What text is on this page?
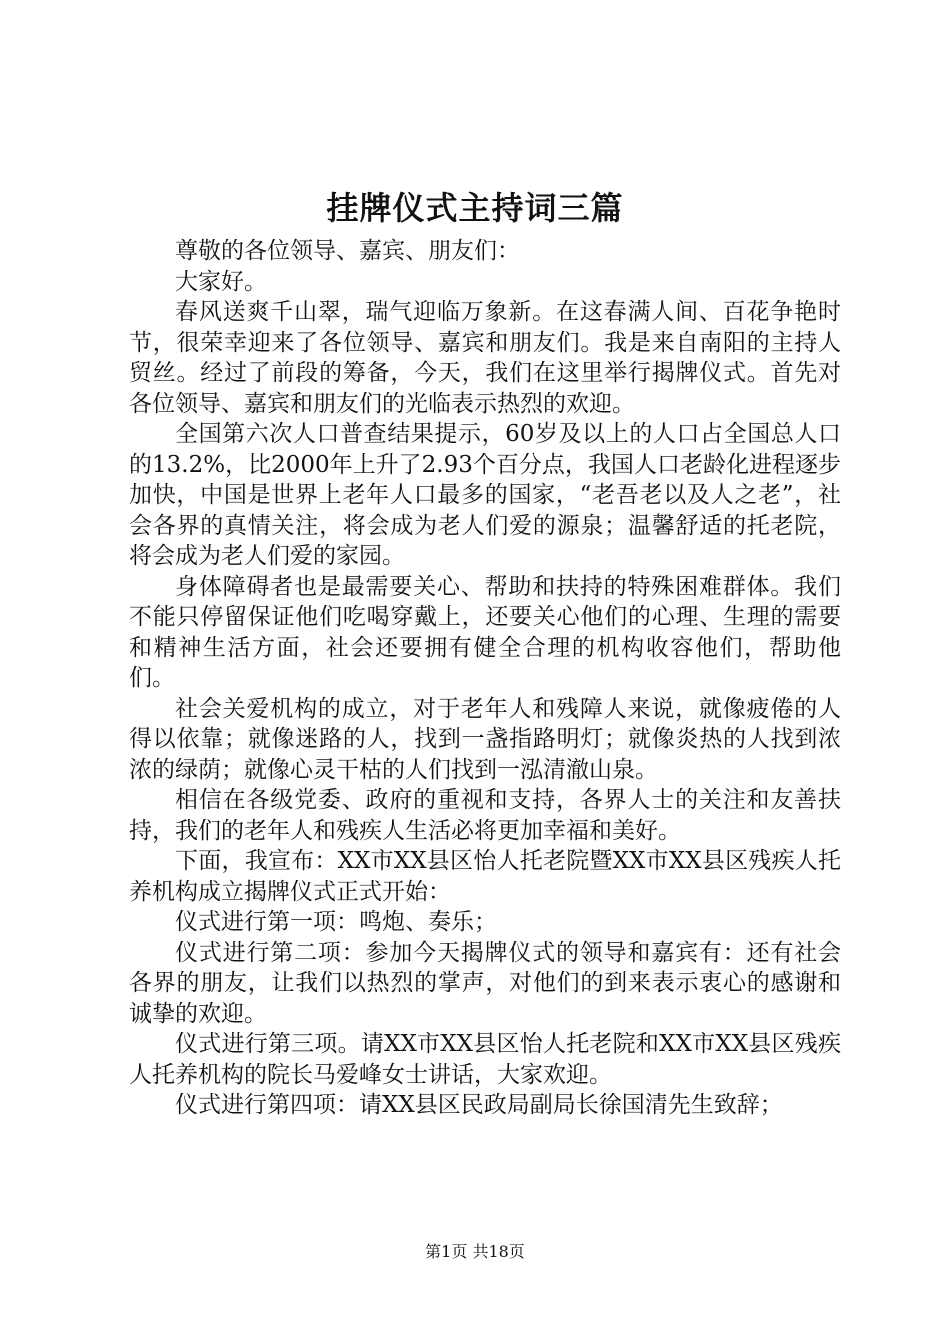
挂牌仪式主持词三篇

尊敬的各位领导、嘉宾、朋友们：

大家好。

春风送爽千山翠，瑞气迎临万象新。在这春满人间、百花争艳时节，很荣幸迎来了各位领导、嘉宾和朋友们。我是来自南阳的主持人贸丝。经过了前段的筹备，今天，我们在这里举行揭牌仪式。首先对各位领导、嘉宾和朋友们的光临表示热烈的欢迎。

全国第六次人口普查结果提示，60岁及以上的人口占全国总人口的13.2%，比2000年上升了2.93个百分点，我国人口老龄化进程逐步加快，中国是世界上老年人口最多的国家，“老吾老以及人之老”，社会各界的真情关注，将会成为老人们爱的源泉；温馨舒适的托老院，将会成为老人们爱的家园。

身体障碍者也是最需要关心、帮助和扶持的特殊困难群体。我们不能只停留保证他们吃喝穿戴上，还要关心他们的心理、生理的需要和精神生活方面，社会还要拥有健全合理的机构收容他们，帮助他们。

社会关爱机构的成立，对于老年人和残障人来说，就像疲倦的人得以依靠；就像迷路的人，找到一盏指路明灯；就像炎热的人找到浓浓的绿荫；就像心灵干枯的人们找到一泓清澈山泉。

相信在各级党委、政府的重视和支持，各界人士的关注和友善扶持，我们的老年人和残疾人生活必将更加幸福和美好。

下面，我宣布：XX市XX县区怡人托老院暨XX市XX县区残疾人托养机构成立揭牌仪式正式开始：

仪式进行第一项：鸣炮、奏乐；

仪式进行第二项：参加今天揭牌仪式的领导和嘉宾有：还有社会各界的朋友，让我们以热烈的掌声，对他们的到来表示衷心的感谢和诚挚的欢迎。

仪式进行第三项。请XX市XX县区怡人托老院和XX市XX县区残疾人托养机构的院长马爱峰女士讲话，大家欢迎。

仪式进行第四项：请XX县区民政局副局长徐国清先生致辞；

第1页 共18页
